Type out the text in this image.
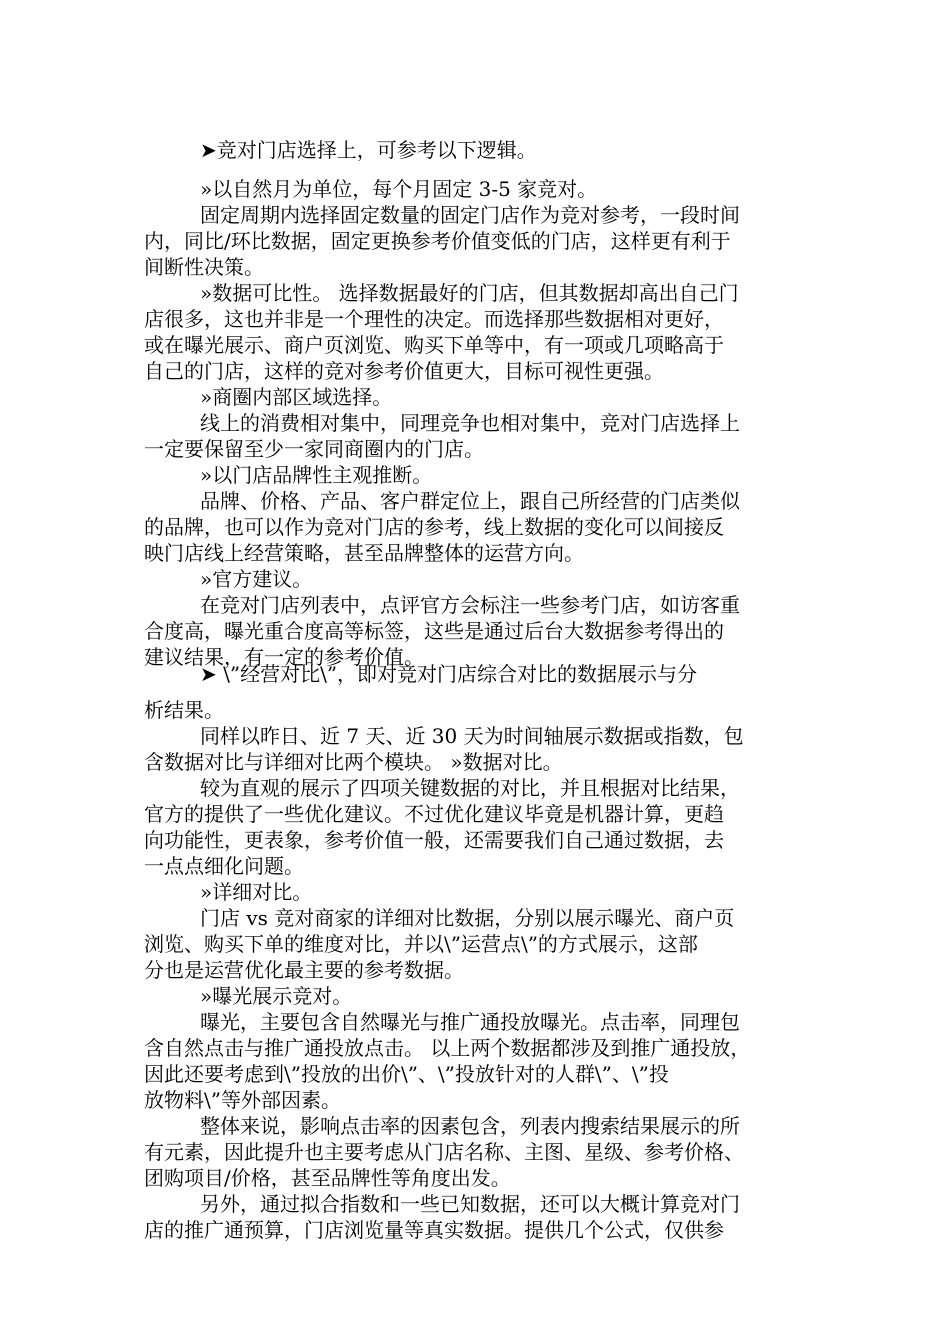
➤竞对门店选择上，可参考以下逻辑。
»以自然月为单位，每个月固定 3-5 家竞对。
固定周期内选择固定数量的固定门店作为竞对参考，一段时间
内，同比/环比数据，固定更换参考价值变低的门店，这样更有利于
间断性决策。
»数据可比性。 选择数据最好的门店，但其数据却高出自己门
店很多，这也并非是一个理性的决定。而选择那些数据相对更好，
或在曝光展示、商户页浏览、购买下单等中，有一项或几项略高于
自己的门店，这样的竞对参考价值更大，目标可视性更强。
»商圈内部区域选择。
线上的消费相对集中，同理竞争也相对集中，竞对门店选择上
一定要保留至少一家同商圈内的门店。
»以门店品牌性主观推断。
品牌、价格、产品、客户群定位上，跟自己所经营的门店类似
的品牌，也可以作为竞对门店的参考，线上数据的变化可以间接反
映门店线上经营策略，甚至品牌整体的运营方向。
»官方建议。
在竞对门店列表中，点评官方会标注一些参考门店，如访客重
合度高，曝光重合度高等标签，这些是通过后台大数据参考得出的
建议结果，有一定的参考价值。
➤ \”经营对比\”，即对竞对门店综合对比的数据展示与分
析结果。
同样以昨日、近 7 天、近 30 天为时间轴展示数据或指数，包
含数据对比与详细对比两个模块。 »数据对比。
较为直观的展示了四项关键数据的对比，并且根据对比结果，
官方的提供了一些优化建议。不过优化建议毕竟是机器计算，更趋
向功能性，更表象，参考价值一般，还需要我们自己通过数据，去
一点点细化问题。
»详细对比。
门店 vs 竞对商家的详细对比数据，分别以展示曝光、商户页
浏览、购买下单的维度对比，并以\”运营点\”的方式展示，这部
分也是运营优化最主要的参考数据。
»曝光展示竞对。
曝光，主要包含自然曝光与推广通投放曝光。点击率，同理包
含自然点击与推广通投放点击。 以上两个数据都涉及到推广通投放，
因此还要考虑到\”投放的出价\”、\”投放针对的人群\”、\”投
放物料\”等外部因素。
整体来说，影响点击率的因素包含，列表内搜索结果展示的所
有元素，因此提升也主要考虑从门店名称、主图、星级、参考价格、
团购项目/价格，甚至品牌性等角度出发。
另外，通过拟合指数和一些已知数据，还可以大概计算竞对门
店的推广通预算，门店浏览量等真实数据。提供几个公式，仅供参
